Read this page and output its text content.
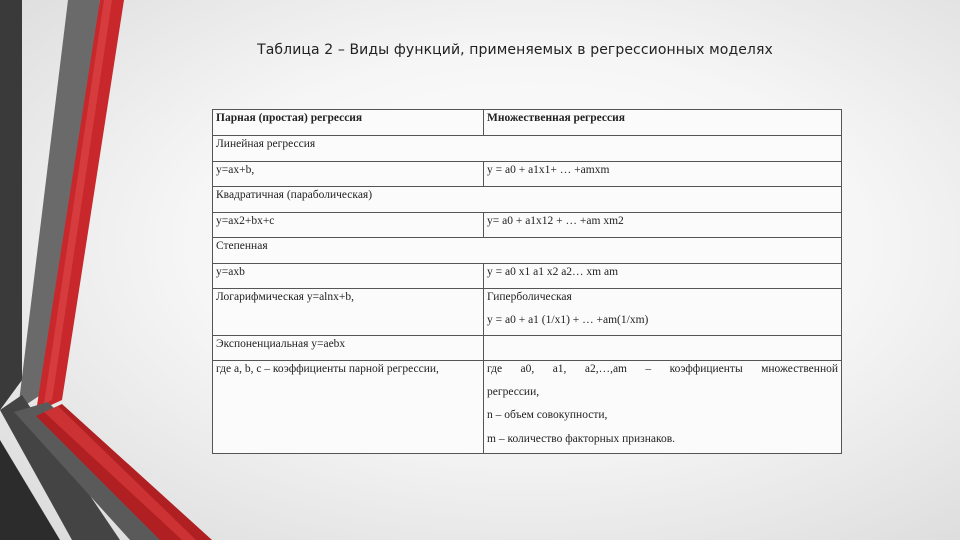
Таблица 2 – Виды функций, применяемых в регрессионных моделях
Парная (простая) регрессия	Множественная регрессия
Линейная регрессия	
y=ax+b,	y = a0 + a1x1+ … +amxm
Квадратичная (параболическая)	
y=ax2+bx+c	y= a0 + a1x12 + … +am xm2
Степенная	
y=axb	y = a0 x1 a1 x2 a2… xm am
Логарифмическая y=alnx+b,	Гиперболическая
y = a0 + a1 (1/x1) + … +am(1/xm)

Экспоненциальная y=aebx	
где a, b, c – коэффициенты парной регрессии,	где a0, a1, a2,…,am – коэффициенты множественной
регрессии,
n – объем совокупности,
m – количество факторных признаков.
